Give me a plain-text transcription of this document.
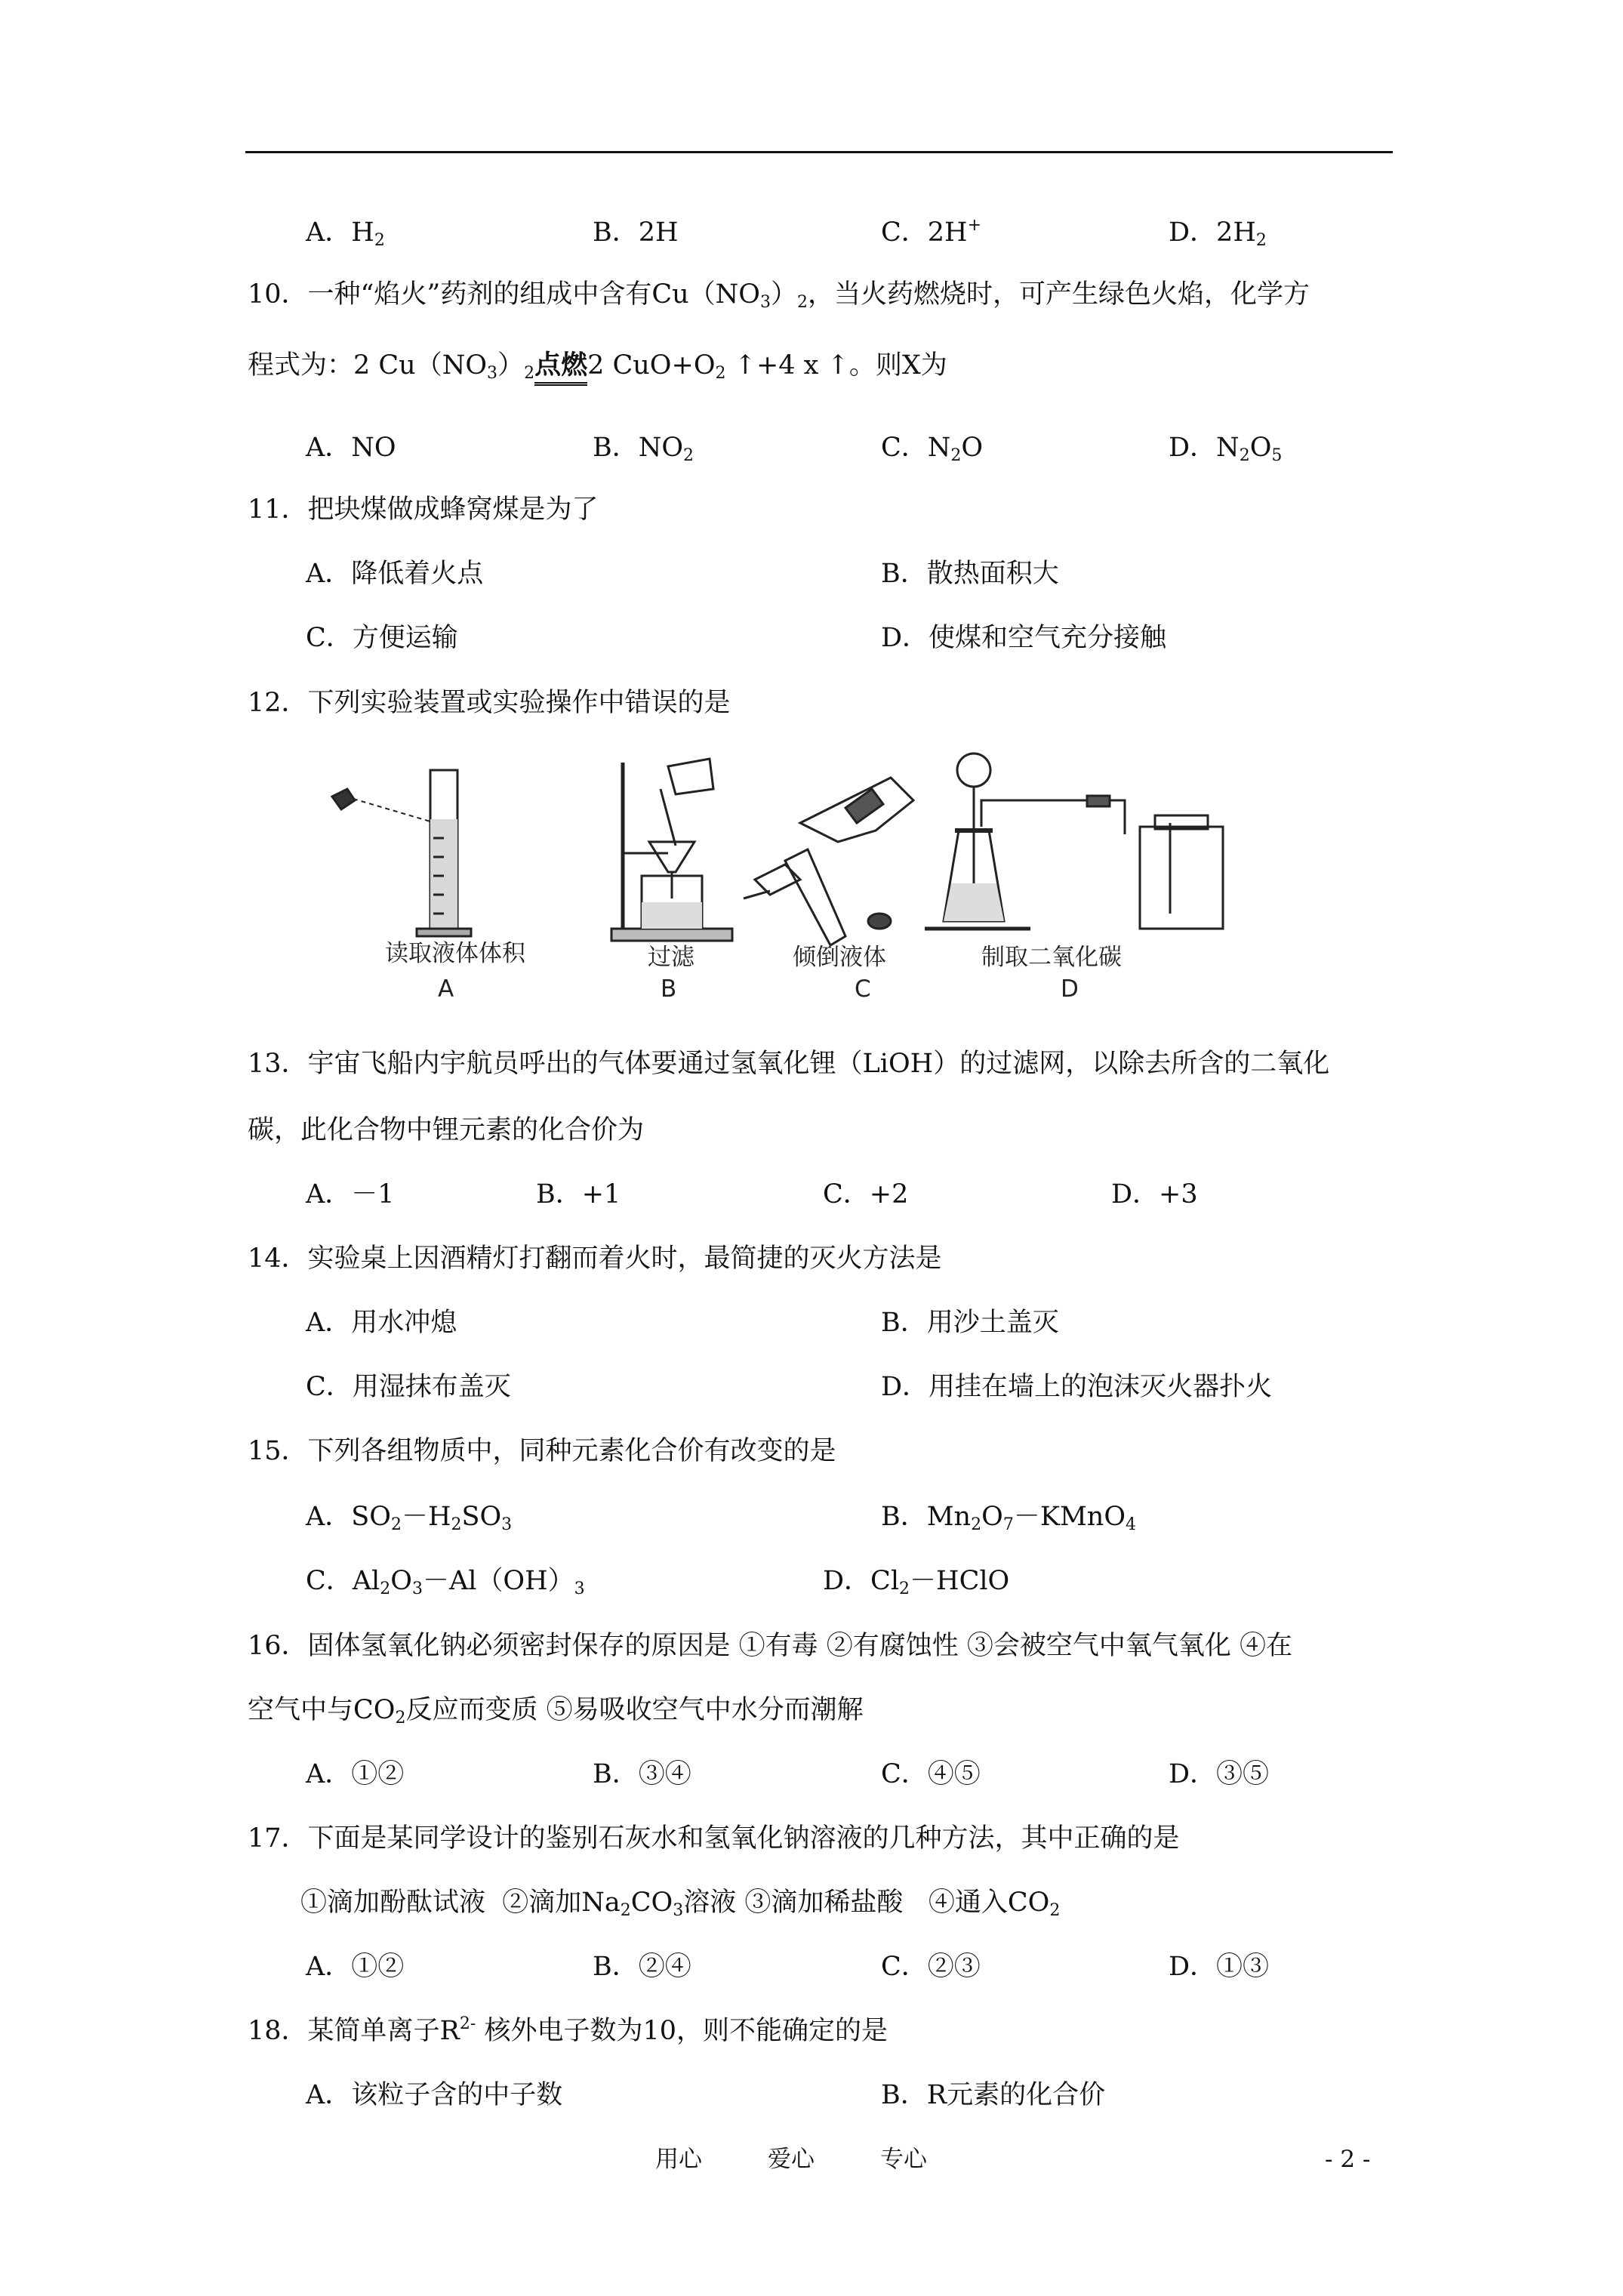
A．$H_2$	B．2H	C．2H+	D．$2H_2$
10．一种“焰火”药剂的组成中含有$Cu(NO_3)_2$，当火药燃烧时，可产生绿色火焰，化学方
程式为：2 $Cu(NO_3)_2$点燃2 $CuO+O_2$ ↑+4 x ↑。则X为
A．NO	B．$NO_2$	C．$N_2O$	D．$N_2O_5$
11．把块煤做成蜂窝煤是为了
A．降低着火点	B．散热面积大
C．方便运输	D．使煤和空气充分接触
12．下列实验装置或实验操作中错误的是
读取液体体积	过滤	倾倒液体	制取二氧化碳
A	B	C	D
13．宇宙飞船内宇航员呼出的气体要通过氢氧化锂（LiOH）的过滤网，以除去所含的二氧化
碳，此化合物中锂元素的化合价为
A．－1	B．+1	C．+2	D．+3
14．实验桌上因酒精灯打翻而着火时，最简捷的灭火方法是
A．用水冲熄	B．用沙土盖灭
C．用湿抹布盖灭	D．用挂在墙上的泡沫灭火器扑火
15．下列各组物质中，同种元素化合价有改变的是
A．$SO_2-H_2SO_3$	B．$Mn_2O_7-KMnO_4$
C．$Al_2O_3-Al(OH)_3$	D．$Cl_2-HClO$
16．固体氢氧化钠必须密封保存的原因是 ①有毒 ②有腐蚀性 ③会被空气中氧气氧化 ④在
空气中与$CO_2$反应而变质 ⑤易吸收空气中水分而潮解
A．①②	B．③④	C．④⑤	D．③⑤
17．下面是某同学设计的鉴别石灰水和氢氧化钠溶液的几种方法，其中正确的是
①滴加酚酞试液 ②滴加$Na_2CO_3$溶液 ③滴加稀盐酸 ④通入$CO_2$
A．①②	B．②④	C．②③	D．①③
18．某简单离子$R^{2-}$ 核外电子数为10，则不能确定的是
A．该粒子含的中子数	B．R元素的化合价
用心	爱心	专心	- 2 -
